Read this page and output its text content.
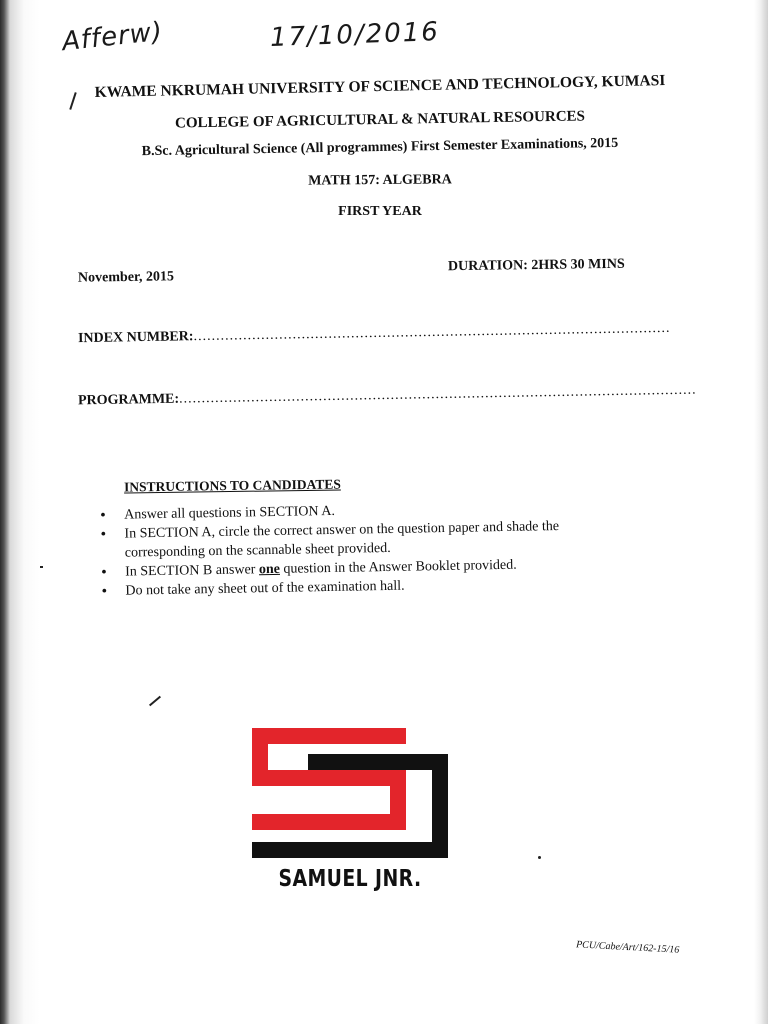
Afferw)	17/10/2016
KWAME NKRUMAH UNIVERSITY OF SCIENCE AND TECHNOLOGY, KUMASI
COLLEGE OF AGRICULTURAL & NATURAL RESOURCES
B.Sc. Agricultural Science (All programmes) First Semester Examinations, 2015
MATH 157: ALGEBRA
FIRST YEAR
November, 2015
DURATION: 2HRS 30 MINS
INDEX NUMBER:..........................................................................................................
PROGRAMME:...................................................................................................................
INSTRUCTIONS TO CANDIDATES
• Answer all questions in SECTION A.
• In SECTION A, circle the correct answer on the question paper and shade the corresponding on the scannable sheet provided.
• In SECTION B answer one question in the Answer Booklet provided.
• Do not take any sheet out of the examination hall.
SAMUEL JNR.
PCU/Cabe/Art/162-15/16
